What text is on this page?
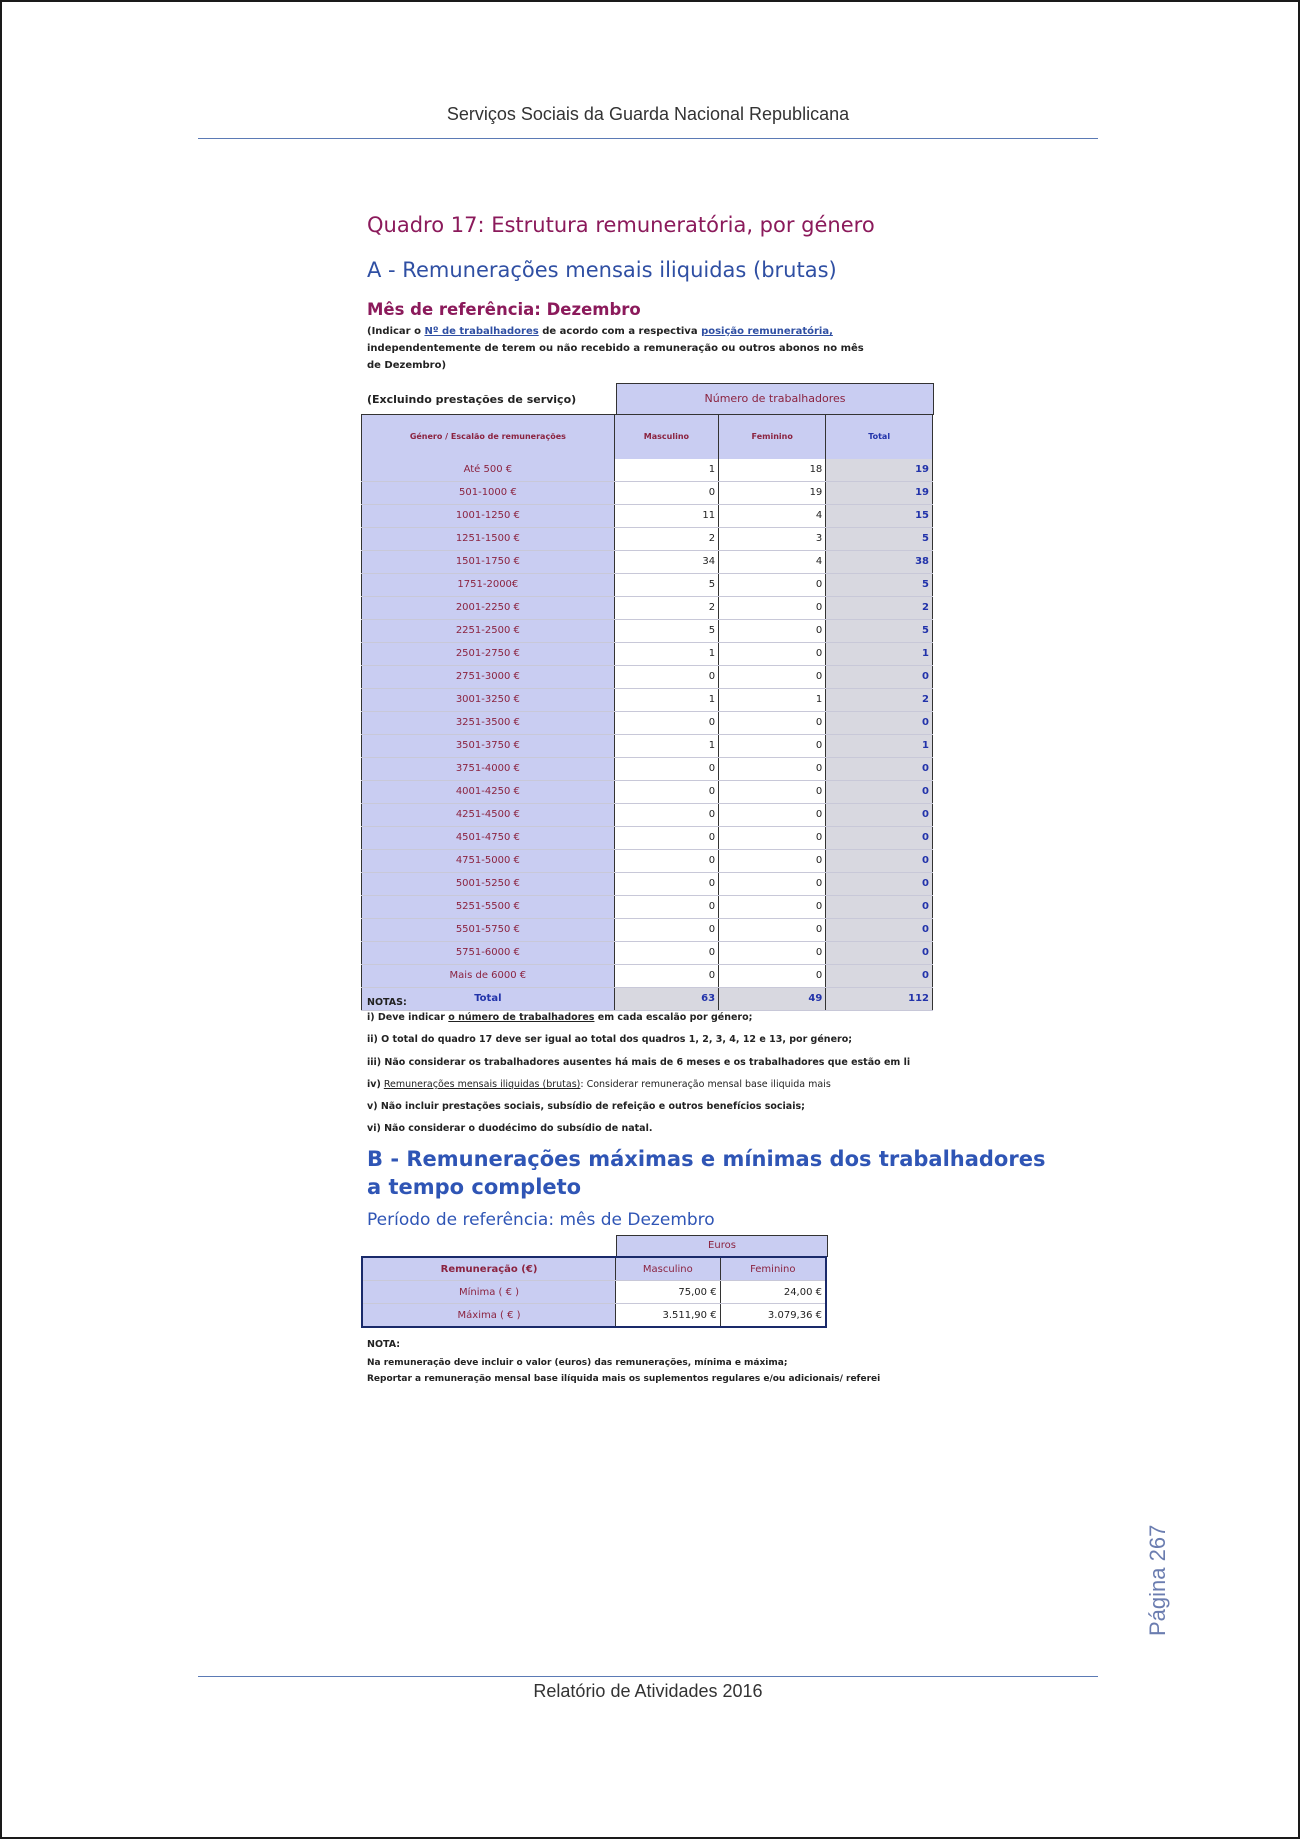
Serviços Sociais da Guarda Nacional Republicana
Quadro 17: Estrutura remuneratória, por género
A - Remunerações mensais iliquidas (brutas)
Mês de referência: Dezembro
(Indicar o Nº de trabalhadores de acordo com a respectiva posição remuneratória,
independentemente de terem ou não recebido a remuneração ou outros abonos no mês
de Dezembro)
(Excluindo prestações de serviço)	Número de trabalhadores
Género / Escalão de remunerações	Masculino	Feminino	Total
Até 500 €	1	18	19
501-1000 €	0	19	19
1001-1250 €	11	4	15
1251-1500 €	2	3	5
1501-1750 €	34	4	38
1751-2000€	5	0	5
2001-2250 €	2	0	2
2251-2500 €	5	0	5
2501-2750 €	1	0	1
2751-3000 €	0	0	0
3001-3250 €	1	1	2
3251-3500 €	0	0	0
3501-3750 €	1	0	1
3751-4000 €	0	0	0
4001-4250 €	0	0	0
4251-4500 €	0	0	0
4501-4750 €	0	0	0
4751-5000 €	0	0	0
5001-5250 €	0	0	0
5251-5500 €	0	0	0
5501-5750 €	0	0	0
5751-6000 €	0	0	0
Mais de 6000 €	0	0	0
Total	63	49	112
NOTAS:
i) Deve indicar o número de trabalhadores em cada escalão por género;
ii) O total do quadro 17 deve ser igual ao total dos quadros 1, 2, 3, 4, 12 e 13, por género;
iii) Não considerar os trabalhadores ausentes há mais de 6 meses e os trabalhadores que estão em li
iv) Remunerações mensais iliquidas (brutas): Considerar remuneração mensal base iliquida mais
v) Não incluir prestações sociais, subsídio de refeição e outros benefícios sociais;
vi) Não considerar o duodécimo do subsídio de natal.
B - Remunerações máximas e mínimas dos trabalhadores
a tempo completo
Período de referência: mês de Dezembro
Euros
Remuneração (€)	Masculino	Feminino
Mínima ( € )	75,00 €	24,00 €
Máxima ( € )	3.511,90 €	3.079,36 €
NOTA:
Na remuneração deve incluir o valor (euros) das remunerações, mínima e máxima;
Reportar a remuneração mensal base ilíquida mais os suplementos regulares e/ou adicionais/ referei
Página 267
Relatório de Atividades 2016
